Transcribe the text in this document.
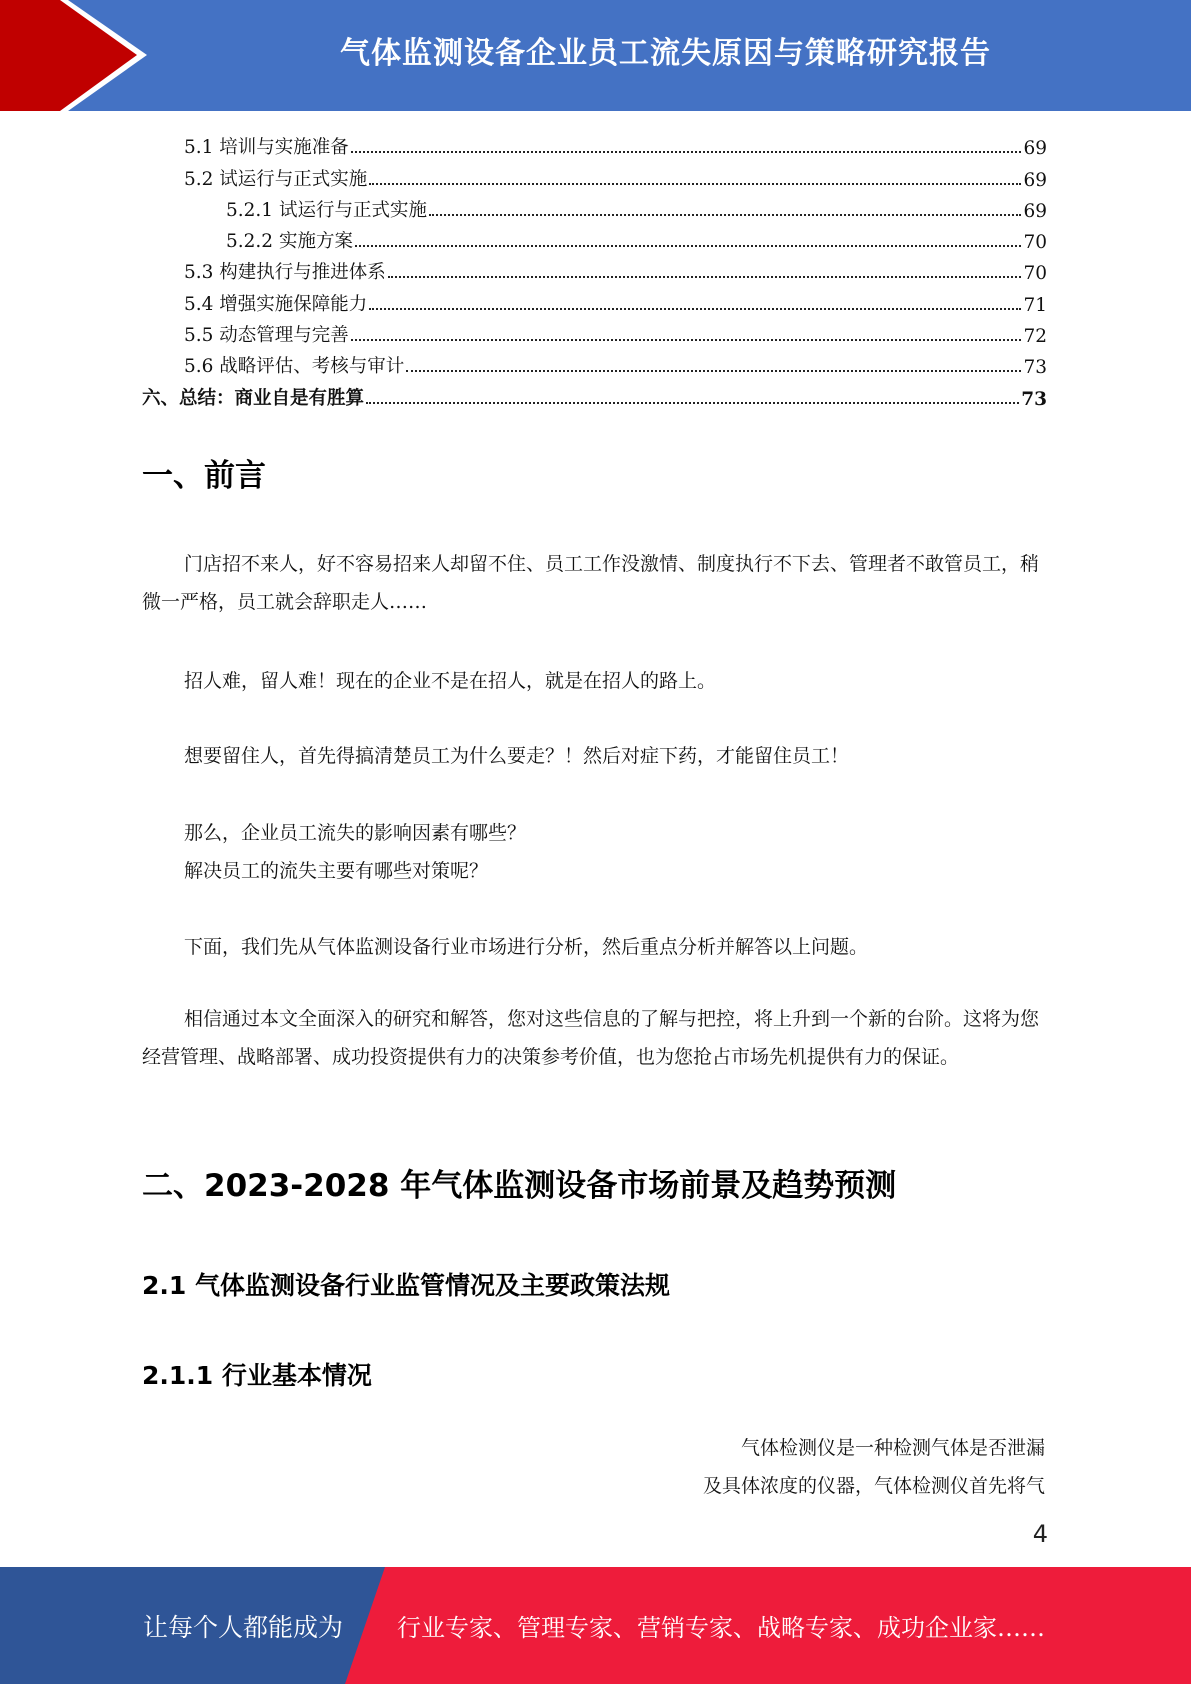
气体监测设备企业员工流失原因与策略研究报告
5.1 培训与实施准备	69
5.2 试运行与正式实施	69
5.2.1 试运行与正式实施	69
5.2.2 实施方案	70
5.3 构建执行与推进体系	70
5.4 增强实施保障能力	71
5.5 动态管理与完善	72
5.6 战略评估、考核与审计	73
六、总结：商业自是有胜算	73
一、前言
门店招不来人，好不容易招来人却留不住、员工工作没激情、制度执行不下去、管理者不敢管员工，稍微一严格，员工就会辞职走人……
招人难，留人难！现在的企业不是在招人，就是在招人的路上。
想要留住人，首先得搞清楚员工为什么要走？！然后对症下药，才能留住员工！
那么，企业员工流失的影响因素有哪些？
解决员工的流失主要有哪些对策呢？
下面，我们先从气体监测设备行业市场进行分析，然后重点分析并解答以上问题。
相信通过本文全面深入的研究和解答，您对这些信息的了解与把控，将上升到一个新的台阶。这将为您经营管理、战略部署、成功投资提供有力的决策参考价值，也为您抢占市场先机提供有力的保证。
二、2023-2028 年气体监测设备市场前景及趋势预测
2.1 气体监测设备行业监管情况及主要政策法规
2.1.1 行业基本情况
气体检测仪是一种检测气体是否泄漏
及具体浓度的仪器，气体检测仪首先将气
4
让每个人都能成为 行业专家、管理专家、营销专家、战略专家、成功企业家……
